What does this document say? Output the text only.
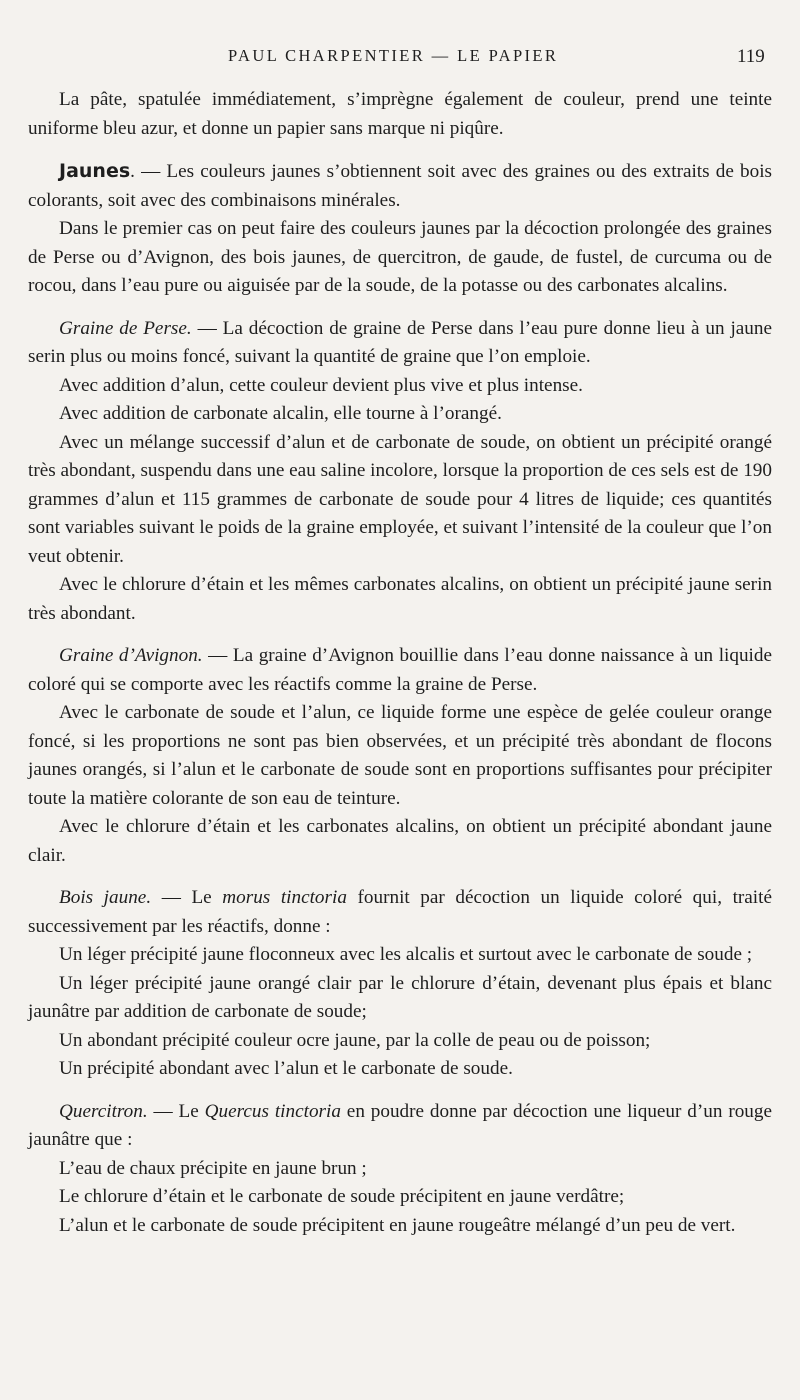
PAUL CHARPENTIER — LE PAPIER	119

La pâte, spatulée immédiatement, s’imprègne également de couleur, prend une teinte uniforme bleu azur, et donne un papier sans marque ni piqûre.

Jaunes. — Les couleurs jaunes s’obtiennent soit avec des graines ou des extraits de bois colorants, soit avec des combinaisons minérales.

Dans le premier cas on peut faire des couleurs jaunes par la décoction prolongée des graines de Perse ou d’Avignon, des bois jaunes, de quercitron, de gaude, de fustel, de curcuma ou de rocou, dans l’eau pure ou aiguisée par de la soude, de la potasse ou des carbonates alcalins.

Graine de Perse. — La décoction de graine de Perse dans l’eau pure donne lieu à un jaune serin plus ou moins foncé, suivant la quantité de graine que l’on emploie.

Avec addition d’alun, cette couleur devient plus vive et plus intense.

Avec addition de carbonate alcalin, elle tourne à l’orangé.

Avec un mélange successif d’alun et de carbonate de soude, on obtient un précipité orangé très abondant, suspendu dans une eau saline incolore, lorsque la proportion de ces sels est de 190 grammes d’alun et 115 grammes de carbonate de soude pour 4 litres de liquide; ces quantités sont variables suivant le poids de la graine employée, et suivant l’intensité de la couleur que l’on veut obtenir.

Avec le chlorure d’étain et les mêmes carbonates alcalins, on obtient un précipité jaune serin très abondant.

Graine d’Avignon. — La graine d’Avignon bouillie dans l’eau donne naissance à un liquide coloré qui se comporte avec les réactifs comme la graine de Perse.

Avec le carbonate de soude et l’alun, ce liquide forme une espèce de gelée couleur orange foncé, si les proportions ne sont pas bien observées, et un précipité très abondant de flocons jaunes orangés, si l’alun et le carbonate de soude sont en proportions suffisantes pour précipiter toute la matière colorante de son eau de teinture.

Avec le chlorure d’étain et les carbonates alcalins, on obtient un précipité abondant jaune clair.

Bois jaune. — Le morus tinctoria fournit par décoction un liquide coloré qui, traité successivement par les réactifs, donne :

Un léger précipité jaune floconneux avec les alcalis et surtout avec le carbonate de soude ;

Un léger précipité jaune orangé clair par le chlorure d’étain, devenant plus épais et blanc jaunâtre par addition de carbonate de soude;

Un abondant précipité couleur ocre jaune, par la colle de peau ou de poisson;

Un précipité abondant avec l’alun et le carbonate de soude.

Quercitron. — Le Quercus tinctoria en poudre donne par décoction une liqueur d’un rouge jaunâtre que :

L’eau de chaux précipite en jaune brun ;

Le chlorure d’étain et le carbonate de soude précipitent en jaune verdâtre;

L’alun et le carbonate de soude précipitent en jaune rougeâtre mélangé d’un peu de vert.
